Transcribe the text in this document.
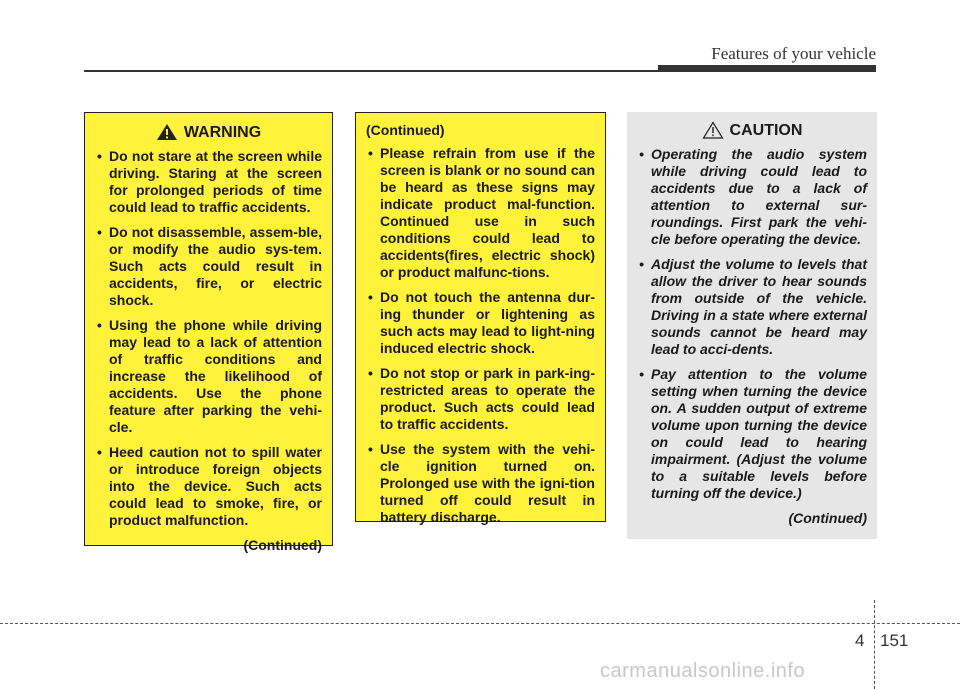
Features of your vehicle
WARNING
• Do not stare at the screen while driving. Staring at the screen for prolonged periods of time could lead to traffic accidents.
• Do not disassemble, assem-ble, or modify the audio sys-tem. Such acts could result in accidents, fire, or electric shock.
• Using the phone while driving may lead to a lack of attention of traffic conditions and increase the likelihood of accidents. Use the phone feature after parking the vehi-cle.
• Heed caution not to spill water or introduce foreign objects into the device. Such acts could lead to smoke, fire, or product malfunction.
(Continued)
(Continued)
• Please refrain from use if the screen is blank or no sound can be heard as these signs may indicate product mal-function. Continued use in such conditions could lead to accidents(fires, electric shock) or product malfunc-tions.
• Do not touch the antenna dur-ing thunder or lightening as such acts may lead to light-ning induced electric shock.
• Do not stop or park in park-ing-restricted areas to operate the product. Such acts could lead to traffic accidents.
• Use the system with the vehi-cle ignition turned on. Prolonged use with the igni-tion turned off could result in battery discharge.
CAUTION
• Operating the audio system while driving could lead to accidents due to a lack of attention to external sur-roundings. First park the vehi-cle before operating the device.
• Adjust the volume to levels that allow the driver to hear sounds from outside of the vehicle. Driving in a state where external sounds cannot be heard may lead to acci-dents.
• Pay attention to the volume setting when turning the device on. A sudden output of extreme volume upon turning the device on could lead to hearing impairment. (Adjust the volume to a suitable levels before turning off the device.)
(Continued)
4 151
carmanualsonline.info
